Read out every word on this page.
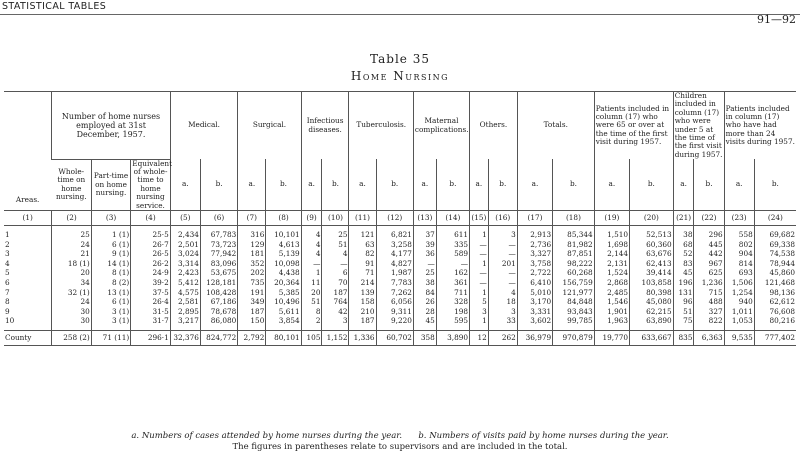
STATISTICAL TABLES
91—92
Table 35
Home Nursing
Areas.	Number of home nurses employed at 31st December, 1957.			Medical.		Surgical.		Infectious diseases.		Tuberculosis.		Maternal complications.		Others.		Totals.		Patients included in column (17) who were 65 or over at the time of the first visit during 1957.		Children included in column (17) who were under 5 at the time of the first visit during 1957.		Patients included in column (17) who have had more than 24 visits during 1957.	
	Whole-time on home nursing.	Part-time on home nursing.	Equivalent of whole-time to home nursing service.	a.	b.	a.	b.	a.	b.	a.	b.	a.	b.	a.	b.	a.	b.	a.	b.	a.	b.	a.	b.
(1)	(2)	(3)	(4)	(5)	(6)	(7)	(8)	(9)	(10)	(11)	(12)	(13)	(14)	(15)	(16)	(17)	(18)	(19)	(20)	(21)	(22)	(23)	(24)

1	25	1 (1)	25·5	2,434	67,783	316	10,101	4	25	121	6,821	37	611	1	3	2,913	85,344	1,510	52,513	38	296	558	69,682
2	24	6 (1)	26·7	2,501	73,723	129	4,613	4	51	63	3,258	39	335	—	—	2,736	81,982	1,698	60,360	68	445	802	69,338
3	21	9 (1)	26·5	3,024	77,942	181	5,139	4	4	82	4,177	36	589	—	—	3,327	87,851	2,144	63,676	52	442	904	74,538
4	18 (1)	14 (1)	26·2	3,314	83,096	352	10,098	—	—	91	4,827	—	—	1	201	3,758	98,222	2,131	62,413	83	967	814	78,944
5	20	8 (1)	24·9	2,423	53,675	202	4,438	1	6	71	1,987	25	162	—	—	2,722	60,268	1,524	39,414	45	625	693	45,860
6	34	8 (2)	39·2	5,412	128,181	735	20,364	11	70	214	7,783	38	361	—	—	6,410	156,759	2,868	103,858	196	1,236	1,506	121,468
7	32 (1)	13 (1)	37·5	4,575	108,428	191	5,385	20	187	139	7,262	84	711	1	4	5,010	121,977	2,485	80,398	131	715	1,254	98,136
8	24	6 (1)	26·4	2,581	67,186	349	10,496	51	764	158	6,056	26	328	5	18	3,170	84,848	1,546	45,080	96	488	940	62,612
9	30	3 (1)	31·5	2,895	78,678	187	5,611	8	42	210	9,311	28	198	3	3	3,331	93,843	1,901	62,215	51	327	1,011	76,608
10	30	3 (1)	31·7	3,217	86,080	150	3,854	2	3	187	9,220	45	595	1	33	3,602	99,785	1,963	63,890	75	822	1,053	80,216

County	258 (2)	71 (11)	296·1	32,376	824,772	2,792	80,101	105	1,152	1,336	60,702	358	3,890	12	262	36,979	970,879	19,770	633,667	835	6,363	9,535	777,402
a. Numbers of cases attended by home nurses during the year. b. Numbers of visits paid by home nurses during the year.
The figures in parentheses relate to supervisors and are included in the total.
